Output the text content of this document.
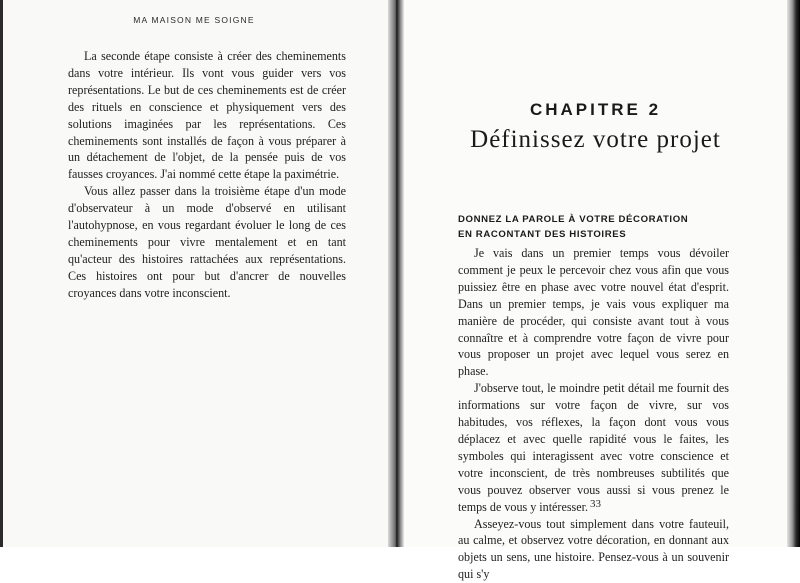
MA MAISON ME SOIGNE

La seconde étape consiste à créer des cheminements dans votre intérieur. Ils vont vous guider vers vos représentations. Le but de ces cheminements est de créer des rituels en conscience et physiquement vers des solutions imaginées par les représentations. Ces cheminements sont installés de façon à vous préparer à un détachement de l'objet, de la pensée puis de vos fausses croyances. J'ai nommé cette étape la paximétrie.

Vous allez passer dans la troisième étape d'un mode d'observateur à un mode d'observé en utilisant l'autohypnose, en vous regardant évoluer le long de ces cheminements pour vivre mentalement et en tant qu'acteur des histoires rattachées aux représentations. Ces histoires ont pour but d'ancrer de nouvelles croyances dans votre inconscient.

CHAPITRE 2
Définissez votre projet
DONNEZ LA PAROLE À VOTRE DÉCORATION
EN RACONTANT DES HISTOIRES

Je vais dans un premier temps vous dévoiler comment je peux le percevoir chez vous afin que vous puissiez être en phase avec votre nouvel état d'esprit. Dans un premier temps, je vais vous expliquer ma manière de procéder, qui consiste avant tout à vous connaître et à comprendre votre façon de vivre pour vous proposer un projet avec lequel vous serez en phase.

J'observe tout, le moindre petit détail me fournit des informations sur votre façon de vivre, sur vos habitudes, vos réflexes, la façon dont vous vous déplacez et avec quelle rapidité vous le faites, les symboles qui interagissent avec votre conscience et votre inconscient, de très nombreuses subtilités que vous pouvez observer vous aussi si vous prenez le temps de vous y intéresser.

Asseyez-vous tout simplement dans votre fauteuil, au calme, et observez votre décoration, en donnant aux objets un sens, une histoire. Pensez-vous à un souvenir qui s'y

33
